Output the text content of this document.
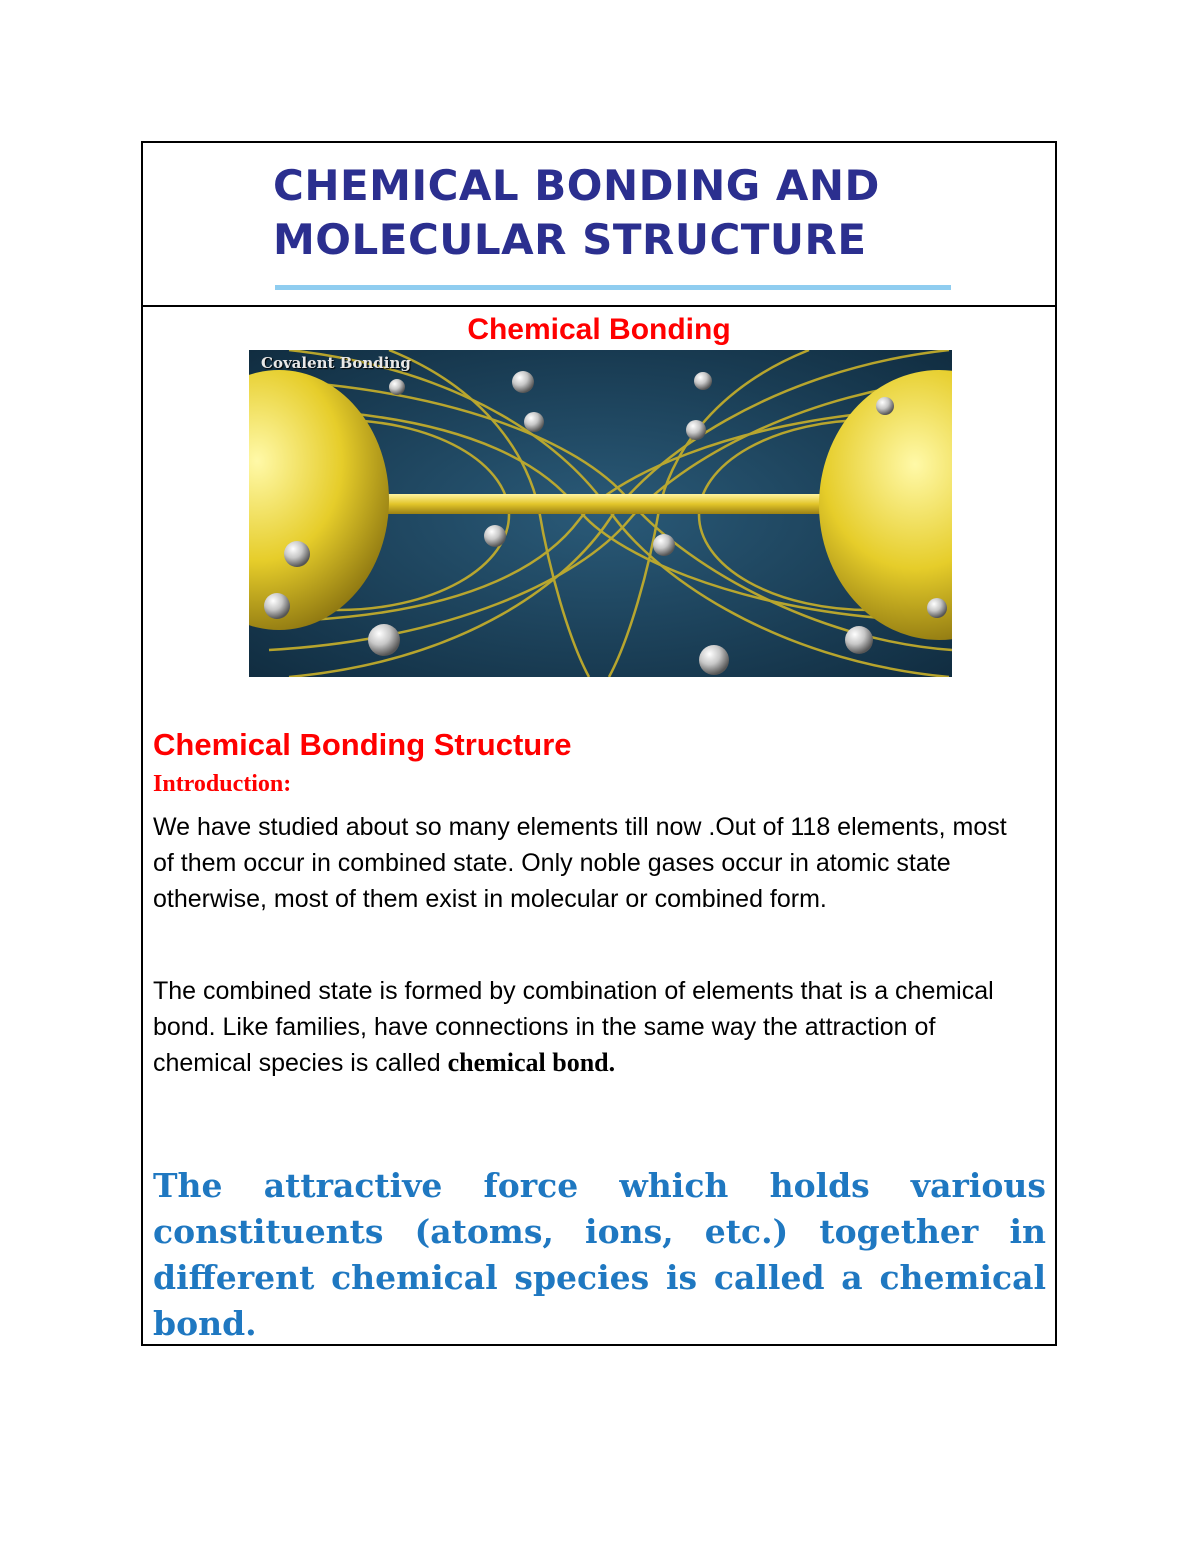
CHEMICAL BONDING AND
MOLECULAR STRUCTURE
Chemical Bonding
Covalent Bonding
Chemical Bonding Structure
Introduction:

We have studied about so many elements till now .Out of 118 elements, most of them occur in combined state. Only noble gases occur in atomic state otherwise, most of them exist in molecular or combined form.

The combined state is formed by combination of elements that is a chemical bond. Like families, have connections in the same way the attraction of chemical species is called chemical bond.

The attractive force which holds various constituents (atoms, ions, etc.) together in different chemical species is called a chemical bond.
